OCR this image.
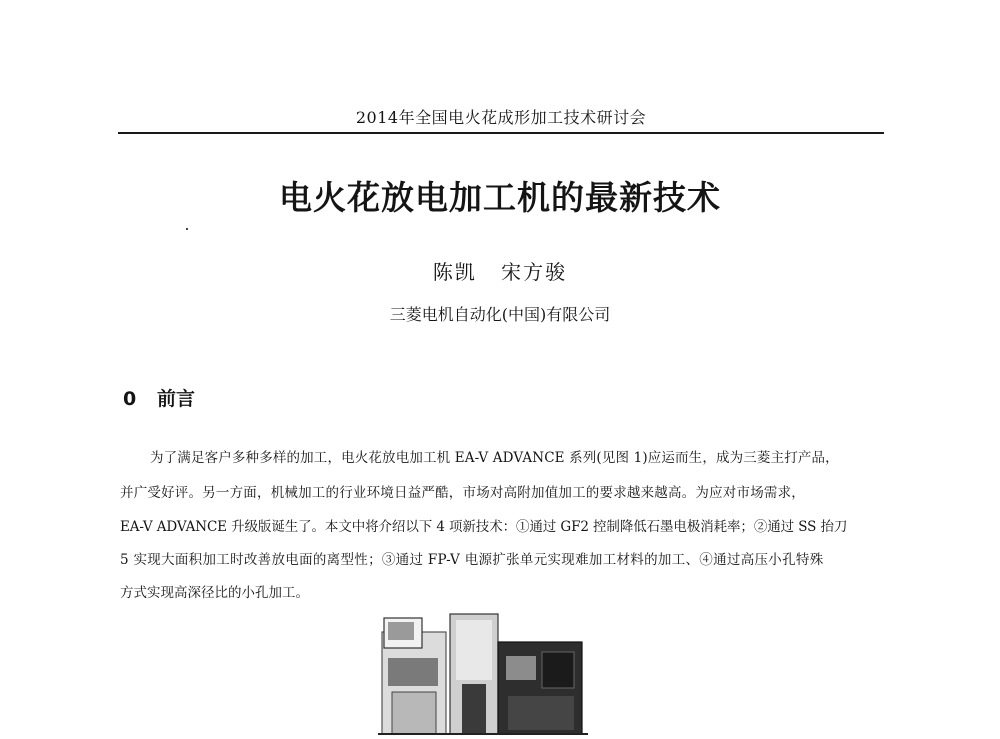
2014年全国电火花成形加工技术研讨会
电火花放电加工机的最新技术
陈凯 宋方骏
三菱电机自动化(中国)有限公司
0 前言
为了满足客户多种多样的加工，电火花放电加工机 EA-V ADVANCE 系列(见图 1)应运而生，成为三菱主打产品，
并广受好评。另一方面，机械加工的行业环境日益严酷，市场对高附加值加工的要求越来越高。为应对市场需求，
EA-V ADVANCE 升级版诞生了。本文中将介绍以下 4 项新技术：①通过 GF2 控制降低石墨电极消耗率；②通过 SS 抬刀
5 实现大面积加工时改善放电面的离型性；③通过 FP-V 电源扩张单元实现难加工材料的加工、④通过高压小孔特殊
方式实现高深径比的小孔加工。
